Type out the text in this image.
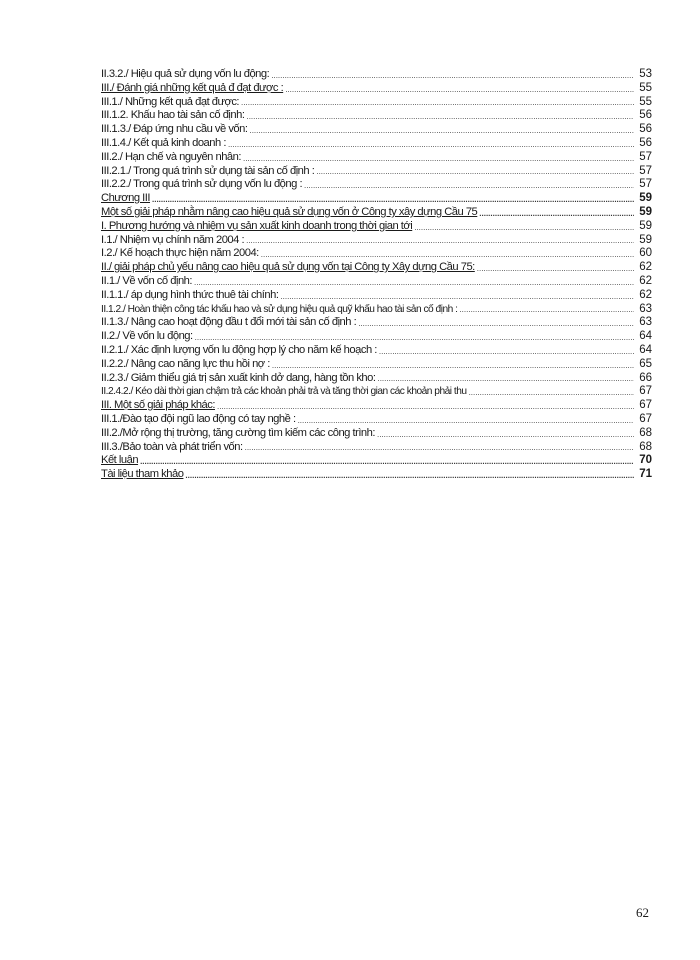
II.3.2./ Hiệu quả sử dụng vốn lu động: .....	53
III./ Đánh giá những kết quả đ đạt được : .....	55
III.1./ Những kết quả đạt được: .....	55
III.1.2. Khấu hao tài sản cố định: .....	56
III.1.3./ Đáp ứng nhu cầu về vốn: .....	56
III.1.4./ Kết quả kinh doanh : .....	56
III.2./ Hạn chế và nguyên nhân: .....	57
III.2.1./ Trong quá trình sử dụng tài sản cố định : .....	57
III.2.2./ Trong quá trình sử dụng vốn lu động : .....	57
Chương III .....	59
Một số giải pháp nhằm nâng cao hiệu quả sử dụng vốn ở Công ty xây dựng Cầu 75 .....	59
I. Phương hướng và nhiệm vụ sản xuất kinh doanh trong thời gian tới .....	59
I.1./ Nhiệm vụ chính năm 2004 : .....	59
I.2./ Kế hoạch thực hiện năm 2004: .....	60
II./ giải pháp chủ yếu nâng cao hiệu quả sử dụng vốn tại Công ty Xây dựng Cầu 75: .....	62
II.1./ Về vốn cố định: .....	62
II.1.1./ áp dụng hình thức thuê tài chính: .....	62
II.1.2./ Hoàn thiện công tác khấu hao và sử dụng hiệu quả quỹ khấu hao tài sản cố định : .....	63
II.1.3./ Nâng cao hoạt động đầu t đổi mới tài sản cố định : .....	63
II.2./ Về vốn lu động: .....	64
II.2.1./ Xác định lượng vốn lu động hợp lý cho năm kế hoạch : .....	64
II.2.2./ Nâng cao năng lực thu hồi nợ : .....	65
II.2.3./ Giảm thiểu giá trị sản xuất kinh dở dang, hàng tồn kho: .....	66
II.2.4.2./ Kéo dài thời gian chậm trả các khoản phải trả và tăng thời gian các khoản phải thu .....	67
III. Một số giải pháp khác: .....	67
III.1./Đào tạo đội ngũ lao động có tay nghề : .....	67
III.2./Mở rộng thị trường, tăng cường tìm kiếm các công trình: .....	68
III.3./Bảo toàn và phát triển vốn: .....	68
Kết luận .....	70
Tài liệu tham khảo .....	71
62
